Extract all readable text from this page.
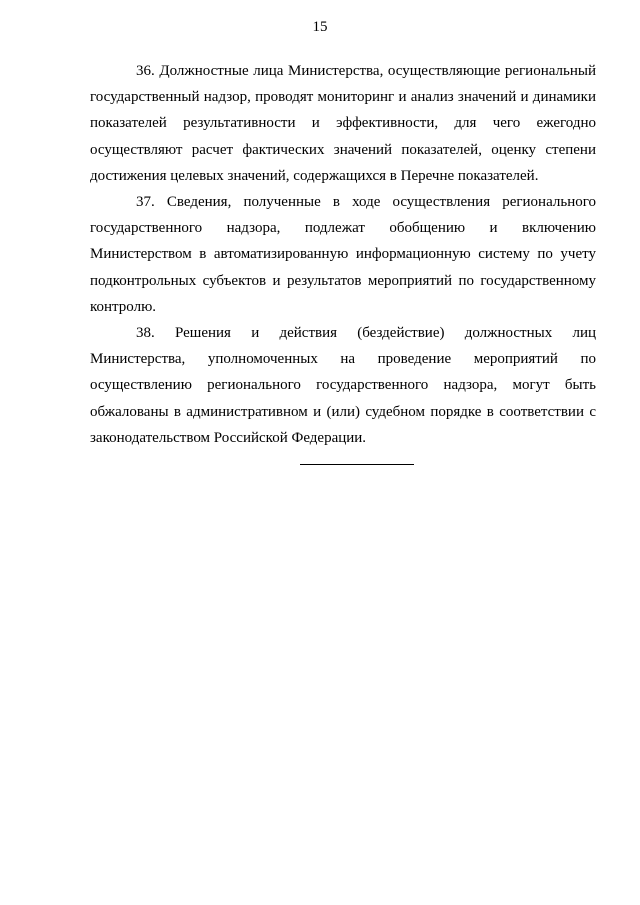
15

36. Должностные лица Министерства, осуществляющие региональный государственный надзор, проводят мониторинг и анализ значений и динамики показателей результативности и эффективности, для чего ежегодно осуществляют расчет фактических значений показателей, оценку степени достижения целевых значений, содержащихся в Перечне показателей.

37. Сведения, полученные в ходе осуществления регионального государственного надзора, подлежат обобщению и включению Министерством в автоматизированную информационную систему по учету подконтрольных субъектов и результатов мероприятий по государственному контролю.

38. Решения и действия (бездействие) должностных лиц Министерства, уполномоченных на проведение мероприятий по осуществлению регионального государственного надзора, могут быть обжалованы в административном и (или) судебном порядке в соответствии с законодательством Российской Федерации.
